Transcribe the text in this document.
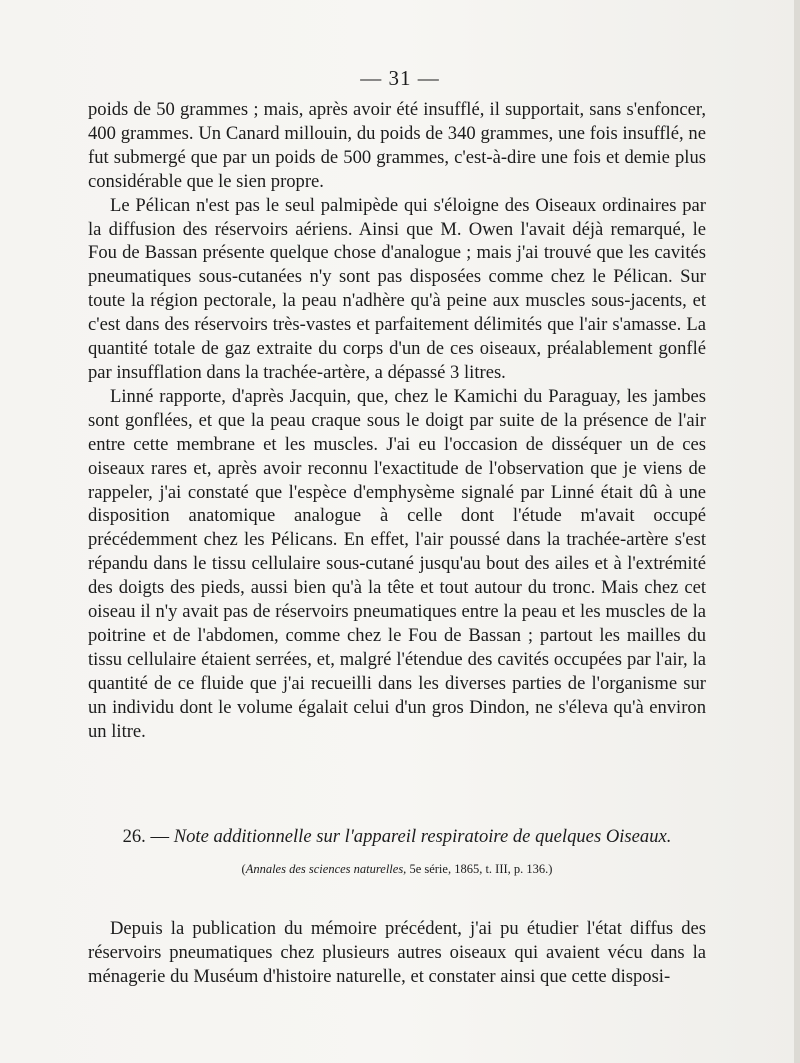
— 31 —

poids de 50 grammes ; mais, après avoir été insufflé, il supportait, sans s'enfoncer, 400 grammes. Un Canard millouin, du poids de 340 grammes, une fois insufflé, ne fut submergé que par un poids de 500 grammes, c'est-à-dire une fois et demie plus considérable que le sien propre.

Le Pélican n'est pas le seul palmipède qui s'éloigne des Oiseaux ordinaires par la diffusion des réservoirs aériens. Ainsi que M. Owen l'avait déjà remarqué, le Fou de Bassan présente quelque chose d'analogue ; mais j'ai trouvé que les cavités pneumatiques sous-cutanées n'y sont pas disposées comme chez le Pélican. Sur toute la région pectorale, la peau n'adhère qu'à peine aux muscles sous-jacents, et c'est dans des réservoirs très-vastes et parfaitement délimités que l'air s'amasse. La quantité totale de gaz extraite du corps d'un de ces oiseaux, préalablement gonflé par insufflation dans la trachée-artère, a dépassé 3 litres.

Linné rapporte, d'après Jacquin, que, chez le Kamichi du Paraguay, les jambes sont gonflées, et que la peau craque sous le doigt par suite de la présence de l'air entre cette membrane et les muscles. J'ai eu l'occasion de disséquer un de ces oiseaux rares et, après avoir reconnu l'exactitude de l'observation que je viens de rappeler, j'ai constaté que l'espèce d'emphysème signalé par Linné était dû à une disposition anatomique analogue à celle dont l'étude m'avait occupé précédemment chez les Pélicans. En effet, l'air poussé dans la trachée-artère s'est répandu dans le tissu cellulaire sous-cutané jusqu'au bout des ailes et à l'extrémité des doigts des pieds, aussi bien qu'à la tête et tout autour du tronc. Mais chez cet oiseau il n'y avait pas de réservoirs pneumatiques entre la peau et les muscles de la poitrine et de l'abdomen, comme chez le Fou de Bassan ; partout les mailles du tissu cellulaire étaient serrées, et, malgré l'étendue des cavités occupées par l'air, la quantité de ce fluide que j'ai recueilli dans les diverses parties de l'organisme sur un individu dont le volume égalait celui d'un gros Dindon, ne s'éleva qu'à environ un litre.

26. — Note additionnelle sur l'appareil respiratoire de quelques Oiseaux.
(Annales des sciences naturelles, 5e série, 1865, t. III, p. 136.)

Depuis la publication du mémoire précédent, j'ai pu étudier l'état diffus des réservoirs pneumatiques chez plusieurs autres oiseaux qui avaient vécu dans la ménagerie du Muséum d'histoire naturelle, et constater ainsi que cette disposi-
